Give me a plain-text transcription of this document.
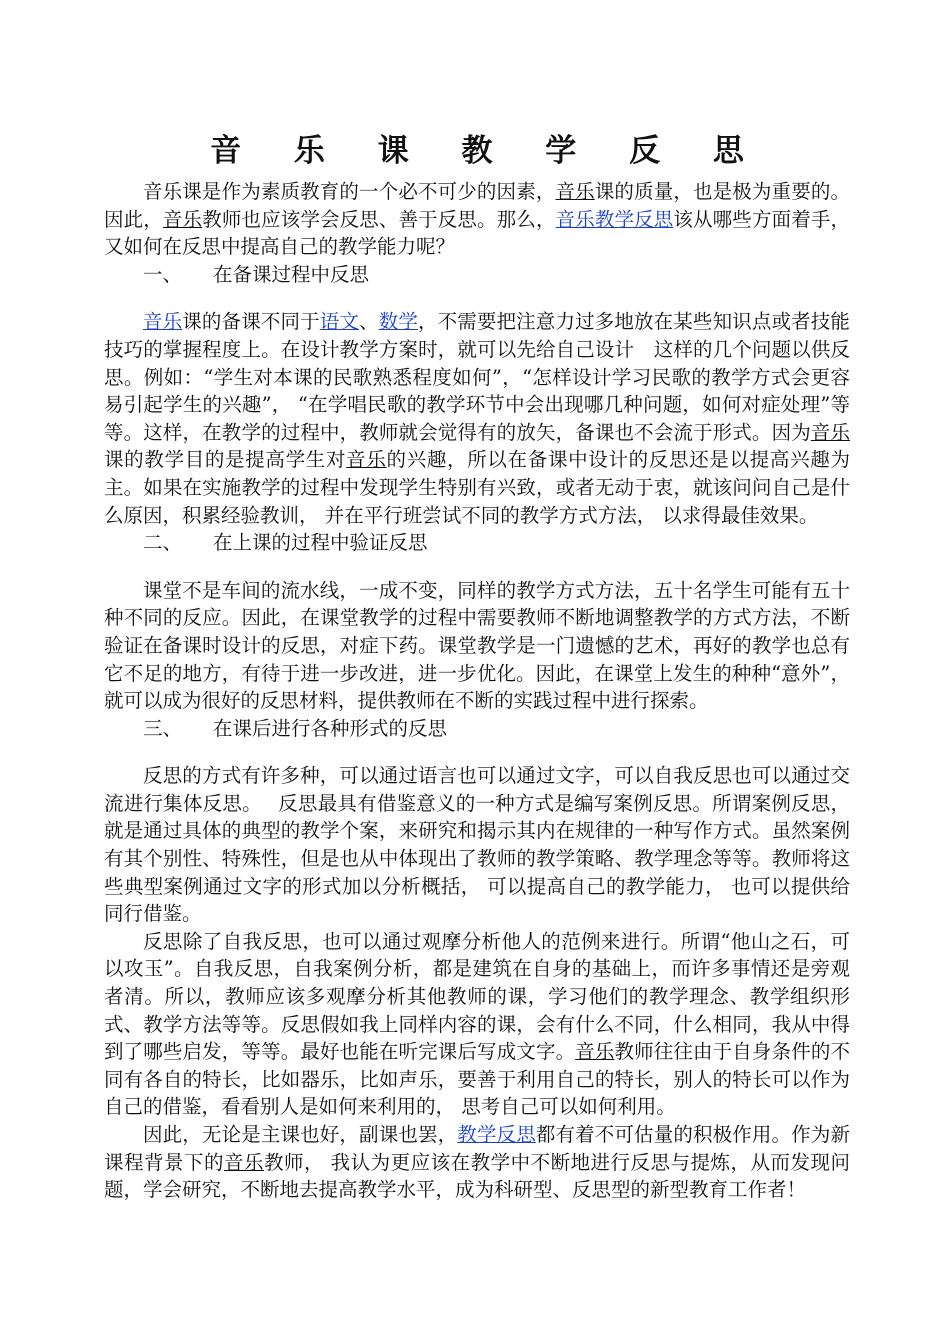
音 乐 课 教 学 反 思

音乐课是作为素质教育的一个必不可少的因素，音乐课的质量，也是极为重要的。因此，音乐教师也应该学会反思、善于反思。那么，音乐教学反思该从哪些方面着手， 又如何在反思中提高自己的教学能力呢？

一、 在备课过程中反思

音乐课的备课不同于语文、数学，不需要把注意力过多地放在某些知识点或者技能技巧的掌握程度上。在设计教学方案时，就可以先给自己设计　这样的几个问题以供反思。例如：“学生对本课的民歌熟悉程度如何”，“怎样设计学习民歌的教学方式会更容易引起学生的兴趣”， “在学唱民歌的教学环节中会出现哪几种问题，如何对症处理”等等。这样，在教学的过程中，教师就会觉得有的放矢，备课也不会流于形式。因为音乐课的教学目的是提高学生对音乐的兴趣，所以在备课中设计的反思还是以提高兴趣为主。如果在实施教学的过程中发现学生特别有兴致，或者无动于衷，就该问问自己是什么原因，积累经验教训， 并在平行班尝试不同的教学方式方法， 以求得最佳效果。

二、 在上课的过程中验证反思

课堂不是车间的流水线，一成不变，同样的教学方式方法，五十名学生可能有五十种不同的反应。因此，在课堂教学的过程中需要教师不断地调整教学的方式方法，不断验证在备课时设计的反思，对症下药。课堂教学是一门遗憾的艺术，再好的教学也总有它不足的地方，有待于进一步改进，进一步优化。因此，在课堂上发生的种种“意外”，就可以成为很好的反思材料，提供教师在不断的实践过程中进行探索。

三、 在课后进行各种形式的反思

反思的方式有许多种，可以通过语言也可以通过文字，可以自我反思也可以通过交流进行集体反思。　 反思最具有借鉴意义的一种方式是编写案例反思。所谓案例反思，就是通过具体的典型的教学个案，来研究和揭示其内在规律的一种写作方式。虽然案例有其个别性、特殊性，但是也从中体现出了教师的教学策略、教学理念等等。教师将这些典型案例通过文字的形式加以分析概括， 可以提高自己的教学能力， 也可以提供给同行借鉴。

反思除了自我反思，也可以通过观摩分析他人的范例来进行。所谓“他山之石，可以攻玉”。自我反思，自我案例分析，都是建筑在自身的基础上，而许多事情还是旁观者清。所以，教师应该多观摩分析其他教师的课，学习他们的教学理念、教学组织形式、教学方法等等。反思假如我上同样内容的课，会有什么不同，什么相同，我从中得到了哪些启发，等等。最好也能在听完课后写成文字。音乐教师往往由于自身条件的不同有各自的特长，比如器乐，比如声乐，要善于利用自己的特长，别人的特长可以作为自己的借鉴，看看别人是如何来利用的， 思考自己可以如何利用。

因此，无论是主课也好，副课也罢，教学反思都有着不可估量的积极作用。作为新课程背景下的音乐教师， 我认为更应该在教学中不断地进行反思与提炼，从而发现问题，学会研究，不断地去提高教学水平，成为科研型、反思型的新型教育工作者！
